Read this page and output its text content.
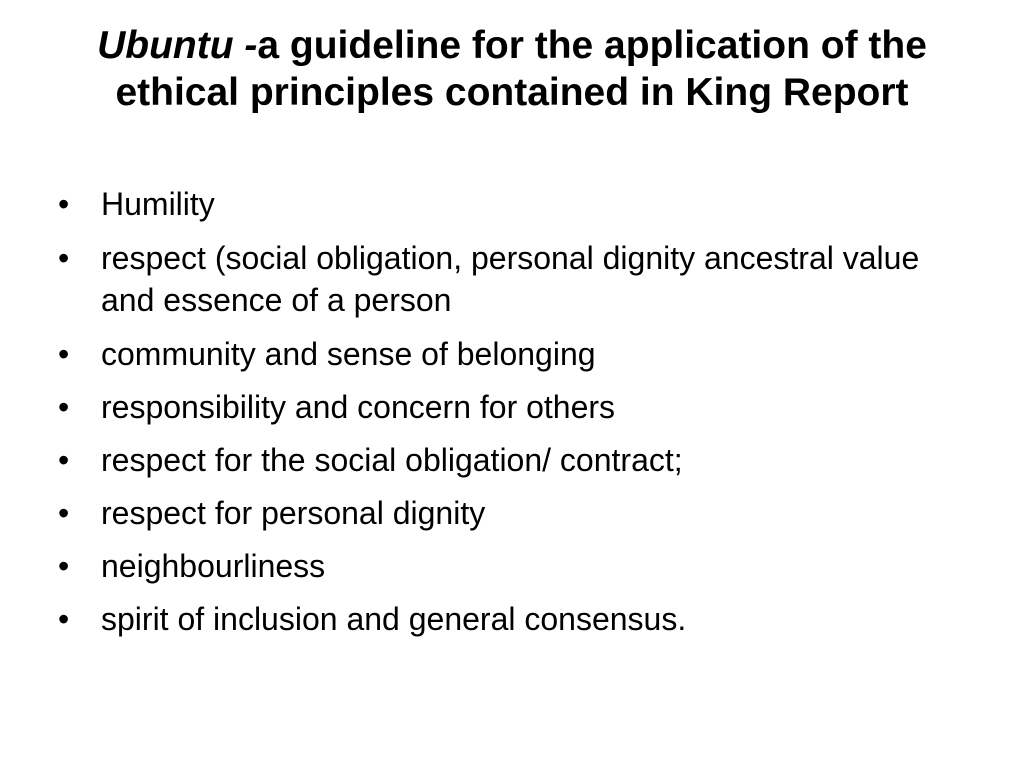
Ubuntu -a guideline for the application of the ethical principles contained in King Report
• Humility
• respect (social obligation, personal dignity ancestral value and essence of a person
• community and sense of belonging
• responsibility and concern for others
• respect for the social obligation/ contract;
• respect for personal dignity
• neighbourliness
• spirit of inclusion and general consensus.
